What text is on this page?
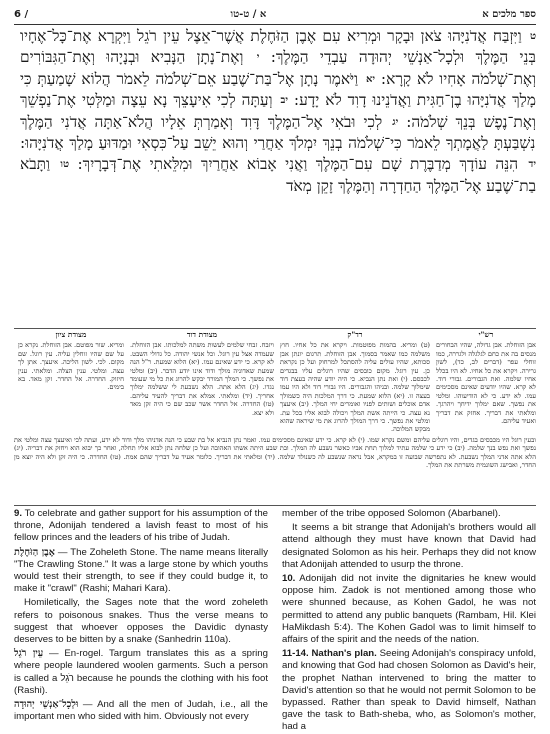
6 /	ספר מלכים א                                                              א / ט-טו
ט וַיִּזְבַּח אֲדֹנִיָּהוּ צֹאן וּבָקָר וּמְרִיא עִם אֶבֶן הַזֹּחֶלֶת אֲשֶׁר־אֵצֶל עֵין רֹגֵל וַיִּקְרָא אֶת־כָּל־אֶחָיו בְּנֵי הַמֶּלֶךְ וּלְכָל־אַנְשֵׁי יְהוּדָה עַבְדֵי הַמֶּלֶךְ: י וְאֶת־נָתָן הַנָּבִיא וּבְנָיָהוּ וְאֶת־הַגִּבּוֹרִים וְאֶת־שְׁלֹמֹה אָחִיו לֹא קָרָא: יא וַיֹּאמֶר נָתָן אֶל־בַּת־שֶׁבַע אֵם־שְׁלֹמֹה לֵאמֹר הֲלוֹא שָׁמַעַתְּ כִּי מָלַךְ אֲדֹנִיָּהוּ בֶן־חַגִּית וַאֲדֹנֵינוּ דָוִד לֹא יָדָע: יב וְעַתָּה לְכִי אִיעָצֵךְ נָא עֵצָה וּמַלְּטִי אֶת־נַפְשֵׁךְ וְאֶת־נֶפֶשׁ בְּנֵךְ שְׁלֹמֹה: יג לְכִי וּבֹאִי אֶל־הַמֶּלֶךְ דָּוִד וְאָמַרְתְּ אֵלָיו הֲלֹא־אַתָּה אֲדֹנִי הַמֶּלֶךְ נִשְׁבַּעְתָּ לַאֲמָתְךָ לֵאמֹר כִּי־שְׁלֹמֹה בְנֵךְ יִמְלֹךְ אַחֲרַי וְהוּא יֵשֵׁב עַל־כִּסְאִי וּמַדּוּעַ מָלַךְ אֲדֹנִיָּהוּ: יד הִנֵּה עוֹדָךְ מְדַבֶּרֶת שָׁם עִם־הַמֶּלֶךְ וַאֲנִי אָבוֹא אַחֲרַיִךְ וּמִלֵּאתִי אֶת־דְּבָרָיִךְ: טו וַתָּבֹא בַת־שֶׁבַע אֶל־הַמֶּלֶךְ הַחַדְרָה וְהַמֶּלֶךְ זָקֵן מְאֹד
רש"י
אבן הזוחלת. אבן גדולה, שהיו הבחורים מנסים בה את כחם לגלגלה ולגררה, כמו זוחלי עפר (דברים לב, כד), לשון גרירה. ויקרא את כל אחיו. לא היו בכלל אחיו שלמה. ואת הגבורים. גבורי דוד. לא קרא. שהיו יודעים שאינם מסכימים עמו. לא ידע. כי לא הודיעוהו. ומלטי את נפשך. שאם ימלוך ידיחך ויהרגך. ומלאתי את דבריך. אחזק את דבריך ואעיד עליהם.
רד"ק
(ט) ומריא. בהמות מפוטמות. ויקרא את כל אחיו. חוץ משלמה כמו שאמר בסמוך. אבן הזוחלת. תרגום יונתן אבן סכותא, שהיו עולים עליה להסתכל למרחוק ועל כן נקראת כן. עין רוגל. מקום כובסים שהיו רוגלים עליו בבגדים לכבסם. (י) ואת נתן הנביא. כי היה יודע שהיה בעצת דוד שימלוך שלמה. ובניהו והגבורים. היו גבורי דוד ולא היו עמו בעצה זו. (יא) הלוא שמעת. כי דרך המלכות היה כשמולך אדם אוכלים ושותים לפניו ואומרים יחי המלך. (יב) איעצך נא עצה. כי הייתה אשת המלך ויכולה לבוא אליו בכל עת. ומלטי את נפשך. כי דרך המולך להרוג את מי שיראה שהוא מבקש המלוכה.
מצודת דוד
ויזבח. זבחי שלמים לעשות משתה למלכותו. אבן הזוחלת. שעמדה אצל עין רוגל. וכל אנשי יהודה. כל גדולי השבט. לא קרא. כי ידע שאינם עמו. (יא) הלוא שמעת. ר"ל הנה שמעת שאדוניה מולך ודוד אינו יודע הדבר. (יב) ומלטי את נפשך. כי המלך המורד יבקש להרוג את כל מי שעומד נגדו. (יג) הלא אתה. הלא נשבעת לי ששלמה ימלוך אחריך. (יד) ומלאתי. אמלא את דבריך להעיד עליהם. (טו) החדרה. אל החדר אשר שכב שם כי היה זקן מאד ולא יצא.
מצודת ציון
ומריא. שור מפוטם. אבן הזוחלת. נקרא כן על שם שהיו זוחלין עליה. עין רוגל. שם מקום. לכי. לשון הליכה. איעצך. אתן לך עצה. ומלטי. ענין הצלה. ומלאתי. ענין חיזוק. החדרה. אל החדר. זקן מאד. בא בימים.
ובעין רוגל היו מכבסים בגדים, והיו רוגלים עליהם ומשם נקרא שמו. (י) לא קרא. כי ידע שאינם מסכימים עמו. ואמר נתן הנביא אל בת שבע כי הנה אדניהו מלך ודוד לא ידע, ועתה לכי ואיעצך עצה ומלטי את נפשך ואת נפש בנך שלמה. (יב) כי ידע כי שלמה עתיד למלוך תחת אביו כאשר נשבע לה המלך. ובת שבע היתה אשתו האהובה ועל כן שלחה נתן לבוא אליו תחלה, ואחר כך יבוא הוא ויחזק את דבריה. (יג) הלא אתה אדני המלך נשבעת. לא נתפרשה שבועה זו במקרא, אבל נראה שנשבע לה כשנולד שלמה. (יד) ומלאתי את דבריך. כלומר אעיד על דבריך שהם אמת. (טו) החדרה. כי היה זקן ולא היה יוצא מן החדר, ואבישג השונמית משרתת את המלך.

9. To celebrate and gather support for his assumption of the throne, Adonijah tendered a lavish feast to most of his fellow princes and the leaders of his tribe of Judah.

אֶבֶן הַזֹּחֶלֶת — The Zoheleth Stone. The name means literally "The Crawling Stone." It was a large stone by which youths would test their strength, to see if they could budge it, to make it "crawl" (Rashi; Mahari Kara).

Homiletically, the Sages note that the word zoheleth refers to poisonous snakes. Thus the verse means to suggest that whoever opposes the Davidic dynasty deserves to be bitten by a snake (Sanhedrin 110a).

עֵין רֹגֵל — En-rogel. Targum translates this as a spring where people laundered woolen garments. Such a person is called a רֹגֵל because he pounds the clothing with his foot (Rashi).

וּלְכָל־אַנְשֵׁי יְהוּדָה — And all the men of Judah, i.e., all the important men who sided with him. Obviously not every

member of the tribe opposed Solomon (Abarbanel).

It seems a bit strange that Adonijah's brothers would all attend although they must have known that David had designated Solomon as his heir. Perhaps they did not know that Adonijah attended to usurp the throne.

10. Adonijah did not invite the dignitaries he knew would oppose him. Zadok is not mentioned among those who were shunned because, as Kohen Gadol, he was not permitted to attend any public banquets (Rambam, Hil. Klei HaMikdash 5:4). The Kohen Gadol was to limit himself to affairs of the spirit and the needs of the nation.

11-14. Nathan's plan. Seeing Adonijah's conspiracy unfold, and knowing that God had chosen Solomon as David's heir, the prophet Nathan intervened to bring the matter to David's attention so that he would not permit Solomon to be bypassed. Rather than speak to David himself, Nathan gave the task to Bath-sheba, who, as Solomon's mother, had a
